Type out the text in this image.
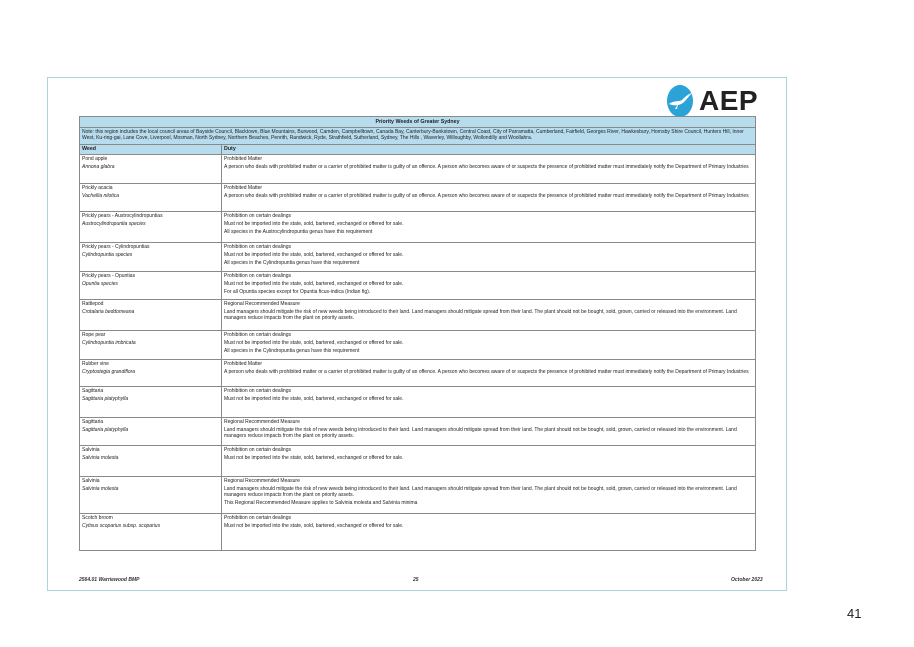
AEP
Priority Weeds of Greater Sydney	
Note: this region includes the local council areas of Bayside Council, Blacktown, Blue Mountains, Burwood, Camden, Campbelltown, Canada Bay, Canterbury-Bankstown, Central Coast, City of Parramatta, Cumberland, Fairfield, Georges River, Hawkesbury, Hornsby Shire Council, Hunters Hill, Inner West, Ku-ring-gai, Lane Cove, Liverpool, Mosman, North Sydney, Northern Beaches, Penrith, Randwick, Ryde, Strathfield, Sutherland, Sydney, The Hills , Waverley, Willoughby, Wollondilly and Woollahra.	
Weed	Duty

Pond apple
Annona glabra	Prohibited Matter
A person who deals with prohibited matter or a carrier of prohibited matter is guilty of an offence. A person who becomes aware of or suspects the presence of prohibited matter must immediately notify the Department of Primary Industries

Prickly acacia
Vachellia nilotica	Prohibited Matter
A person who deals with prohibited matter or a carrier of prohibited matter is guilty of an offence. A person who becomes aware of or suspects the presence of prohibited matter must immediately notify the Department of Primary Industries

Prickly pears - Austrocylindropuntias
Austrocylindropuntia species	Prohibition on certain dealings
Must not be imported into the state, sold, bartered, exchanged or offered for sale.
All species in the Austrocylindropuntia genus have this requirement

Prickly pears - Cylindropuntias
Cylindropuntia species	Prohibition on certain dealings
Must not be imported into the state, sold, bartered, exchanged or offered for sale.
All species in the Cylindropuntia genus have this requirement

Prickly pears - Opuntias
Opuntia species	Prohibition on certain dealings
Must not be imported into the state, sold, bartered, exchanged or offered for sale.
For all Opuntia species except for Opuntia ficus-indica (Indian fig).

Rattlepod
Crotalaria beddomeana	Regional Recommended Measure
Land managers should mitigate the risk of new weeds being introduced to their land. Land managers should mitigate spread from their land. The plant should not be bought, sold, grown, carried or released into the environment. Land managers reduce impacts from the plant on priority assets.

Rope pear
Cylindropuntia imbricata	Prohibition on certain dealings
Must not be imported into the state, sold, bartered, exchanged or offered for sale.
All species in the Cylindropuntia genus have this requirement

Rubber vine
Cryptostegia grandiflora	Prohibited Matter
A person who deals with prohibited matter or a carrier of prohibited matter is guilty of an offence. A person who becomes aware of or suspects the presence of prohibited matter must immediately notify the Department of Primary Industries

Sagittaria
Sagittaria platyphylla	Prohibition on certain dealings
Must not be imported into the state, sold, bartered, exchanged or offered for sale.

Sagittaria
Sagittaria platyphylla	Regional Recommended Measure
Land managers should mitigate the risk of new weeds being introduced to their land. Land managers should mitigate spread from their land. The plant should not be bought, sold, grown, carried or released into the environment. Land managers reduce impacts from the plant on priority assets.

Salvinia
Salvinia molesta	Prohibition on certain dealings
Must not be imported into the state, sold, bartered, exchanged or offered for sale.

Salvinia
Salvinia molesta	Regional Recommended Measure
Land managers should mitigate the risk of new weeds being introduced to their land. Land managers should mitigate spread from their land. The plant should not be bought, sold, grown, carried or released into the environment. Land managers reduce impacts from the plant on priority assets.
This Regional Recommended Measure applies to Salvinia molesta and Salvinia minima

Scotch broom
Cytisus scoparius subsp. scoparius	Prohibition on certain dealings
Must not be imported into the state, sold, bartered, exchanged or offered for sale.
2564.01 Warriewood BMP	25	October 2023
41
